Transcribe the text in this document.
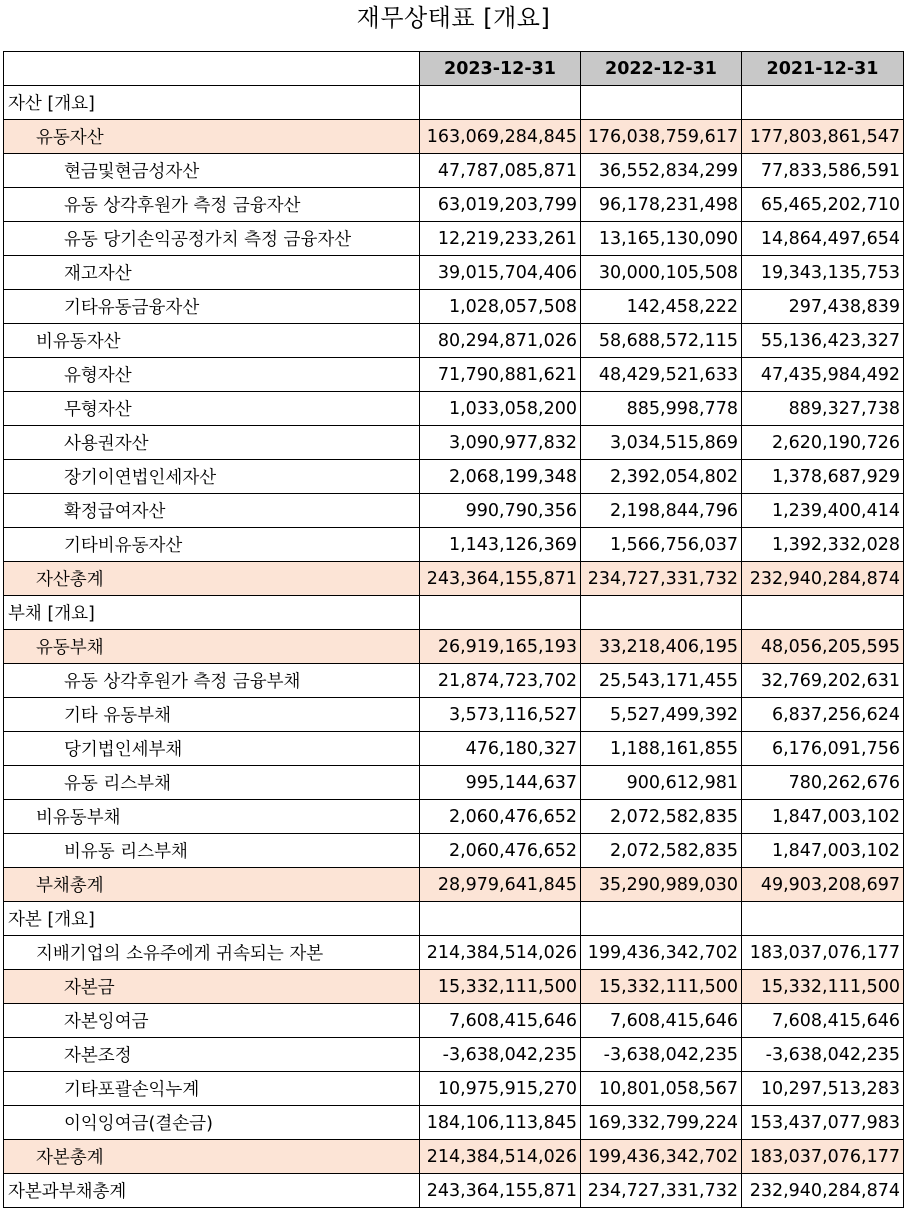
재무상태표 [개요]
	2023-12-31	2022-12-31	2021-12-31
자산 [개요]			
유동자산	163,069,284,845	176,038,759,617	177,803,861,547
현금및현금성자산	47,787,085,871	36,552,834,299	77,833,586,591
유동 상각후원가 측정 금융자산	63,019,203,799	96,178,231,498	65,465,202,710
유동 당기손익공정가치 측정 금융자산	12,219,233,261	13,165,130,090	14,864,497,654
재고자산	39,015,704,406	30,000,105,508	19,343,135,753
기타유동금융자산	1,028,057,508	142,458,222	297,438,839
비유동자산	80,294,871,026	58,688,572,115	55,136,423,327
유형자산	71,790,881,621	48,429,521,633	47,435,984,492
무형자산	1,033,058,200	885,998,778	889,327,738
사용권자산	3,090,977,832	3,034,515,869	2,620,190,726
장기이연법인세자산	2,068,199,348	2,392,054,802	1,378,687,929
확정급여자산	990,790,356	2,198,844,796	1,239,400,414
기타비유동자산	1,143,126,369	1,566,756,037	1,392,332,028
자산총계	243,364,155,871	234,727,331,732	232,940,284,874
부채 [개요]			
유동부채	26,919,165,193	33,218,406,195	48,056,205,595
유동 상각후원가 측정 금융부채	21,874,723,702	25,543,171,455	32,769,202,631
기타 유동부채	3,573,116,527	5,527,499,392	6,837,256,624
당기법인세부채	476,180,327	1,188,161,855	6,176,091,756
유동 리스부채	995,144,637	900,612,981	780,262,676
비유동부채	2,060,476,652	2,072,582,835	1,847,003,102
비유동 리스부채	2,060,476,652	2,072,582,835	1,847,003,102
부채총계	28,979,641,845	35,290,989,030	49,903,208,697
자본 [개요]			
지배기업의 소유주에게 귀속되는 자본	214,384,514,026	199,436,342,702	183,037,076,177
자본금	15,332,111,500	15,332,111,500	15,332,111,500
자본잉여금	7,608,415,646	7,608,415,646	7,608,415,646
자본조정	-3,638,042,235	-3,638,042,235	-3,638,042,235
기타포괄손익누계	10,975,915,270	10,801,058,567	10,297,513,283
이익잉여금(결손금)	184,106,113,845	169,332,799,224	153,437,077,983
자본총계	214,384,514,026	199,436,342,702	183,037,076,177
자본과부채총계	243,364,155,871	234,727,331,732	232,940,284,874
